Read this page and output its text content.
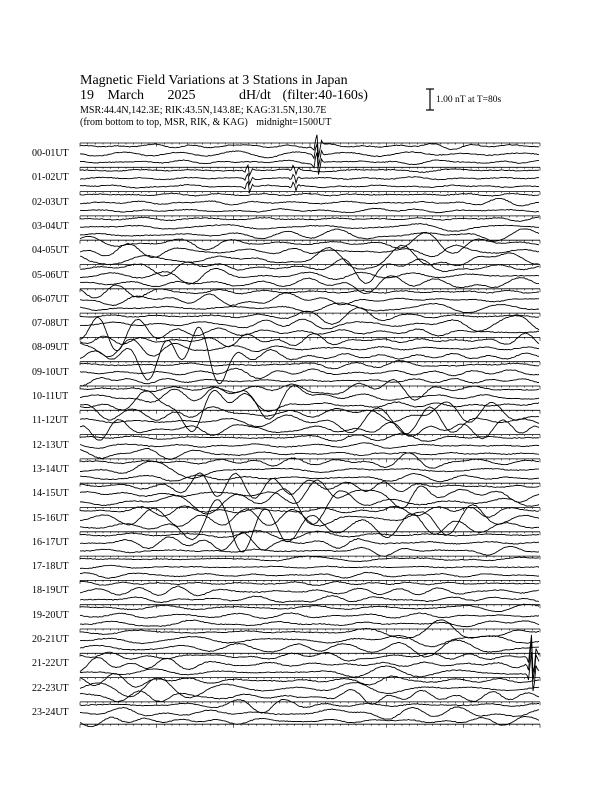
Magnetic Field Variations at 3 Stations in Japan
19 March 2025	dH/dt (filter:40-160s)
MSR:44.4N,142.3E; RIK:43.5N,143.8E; KAG:31.5N,130.7E
(from bottom to top, MSR, RIK, & KAG) midnight=1500UT
1.00 nT at T=80s
00-01UT
01-02UT
02-03UT
03-04UT
04-05UT
05-06UT
06-07UT
07-08UT
08-09UT
09-10UT
10-11UT
11-12UT
12-13UT
13-14UT
14-15UT
15-16UT
16-17UT
17-18UT
18-19UT
19-20UT
20-21UT
21-22UT
22-23UT
23-24UT
